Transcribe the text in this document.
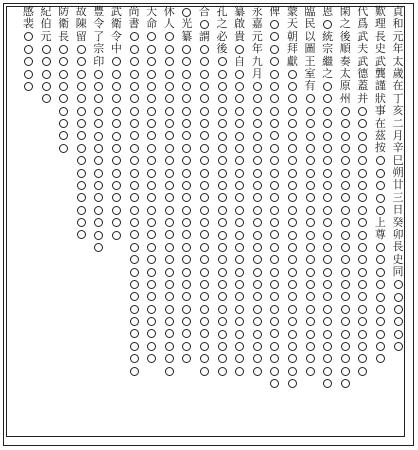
貞
和
元
年
太
歲
在
丁
亥
二
月
辛
巳
朔
廿
三
日
癸
卯
長
史
同
歎
理
長
史
武
龔
謹
狀
事
在
茲
按
上
尊
代
爲
武
夫
武
德
蓋
并
閑
之
後
順
奏
太
原
州
恩
統
宗
繼
之
臨
民
以
圖
王
室
有
蒙
天
朝
拜
獻
俾
永
嘉
元
年
九
月
纂
啟
貴
自
孔
之
必
後
合
謂
光
纂
休
人
大
命
尚
書
武
衛
令
中
豊
令
了
宗
印
故
陳
留
防
衛
長
紀
伯
元
感
裴
